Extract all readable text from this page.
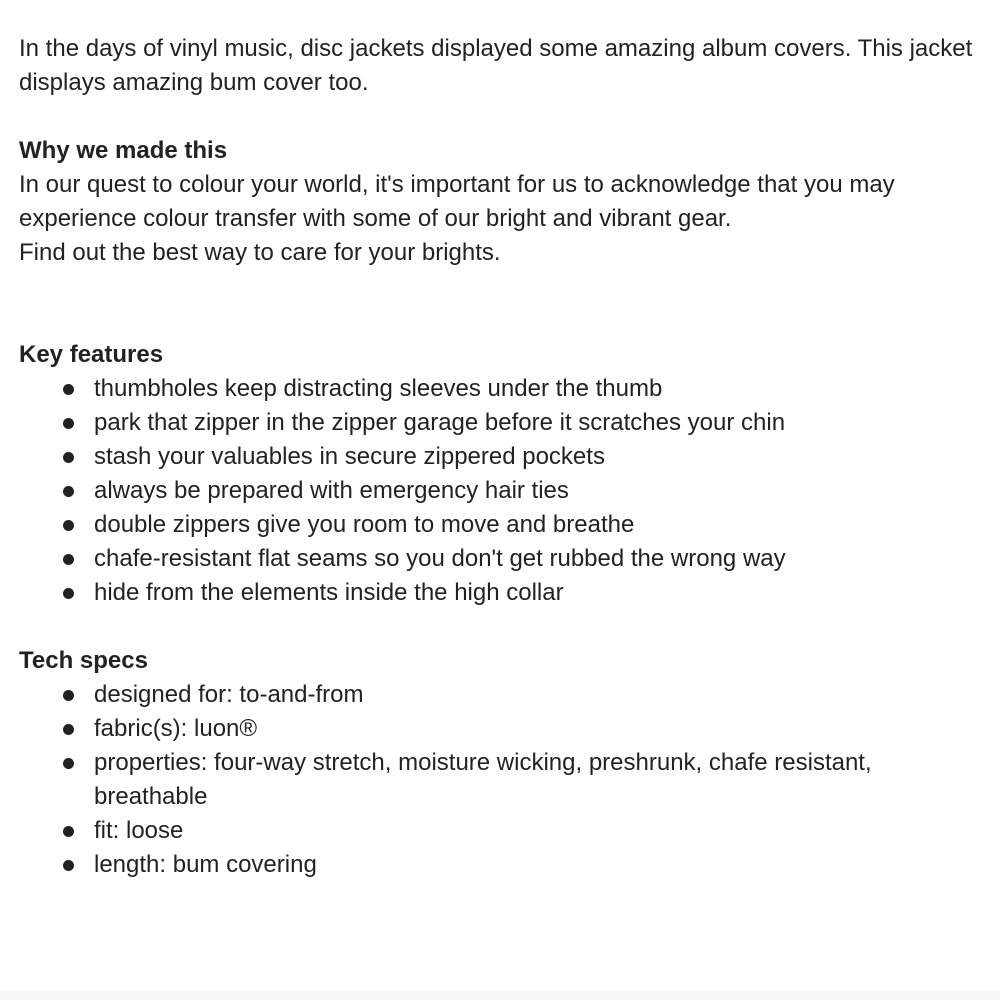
In the days of vinyl music, disc jackets displayed some amazing album covers. This jacket displays amazing bum cover too.

Why we made this

In our quest to colour your world, it's important for us to acknowledge that you may experience colour transfer with some of our bright and vibrant gear.

Find out the best way to care for your brights.

Key features

thumbholes keep distracting sleeves under the thumb
park that zipper in the zipper garage before it scratches your chin
stash your valuables in secure zippered pockets
always be prepared with emergency hair ties
double zippers give you room to move and breathe
chafe-resistant flat seams so you don't get rubbed the wrong way
hide from the elements inside the high collar

Tech specs

designed for: to-and-from
fabric(s): luon®
properties: four-way stretch, moisture wicking, preshrunk, chafe resistant, breathable
fit: loose
length: bum covering
